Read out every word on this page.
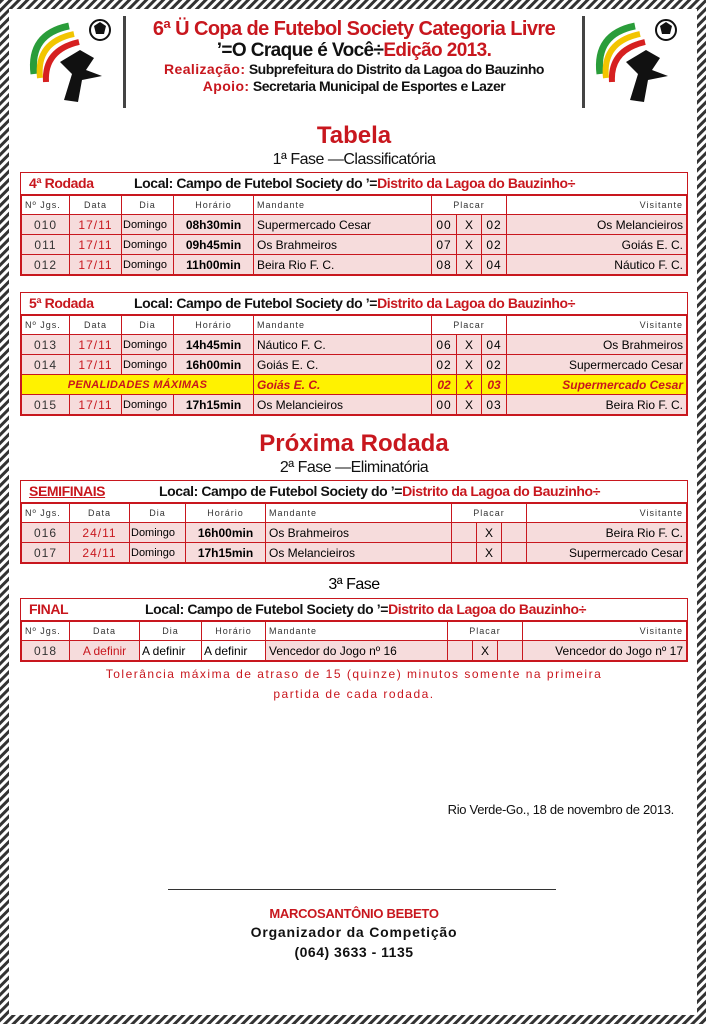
6ª Ü Copa de Futebol Society Categoria Livre
’=O Craque é Você÷Edição 2013.
Realização: Subprefeitura do Distrito da Lagoa do Bauzinho
Apoio: Secretaria Municipal de Esportes e Lazer
Tabela
1ª Fase —Classificatória
4ª Rodada	Local: Campo de Futebol Society do ’=Distrito da Lagoa do Bauzinho÷
Nº Jgs.	Data	Dia	Horário	Mandante	Placar			Visitante
010	17/11	Domingo	08h30min	Supermercado Cesar	00	X	02	Os Melancieiros
011	17/11	Domingo	09h45min	Os Brahmeiros	07	X	02	Goiás E. C.
012	17/11	Domingo	11h00min	Beira Rio F. C.	08	X	04	Náutico F. C.
5ª Rodada	Local: Campo de Futebol Society do ’=Distrito da Lagoa do Bauzinho÷
Nº Jgs.	Data	Dia	Horário	Mandante	Placar			Visitante
013	17/11	Domingo	14h45min	Náutico F. C.	06	X	04	Os Brahmeiros
014	17/11	Domingo	16h00min	Goiás E. C.	02	X	02	Supermercado Cesar
PENALIDADES MÁXIMAS				Goiás E. C.	02	X	03	Supermercado Cesar
015	17/11	Domingo	17h15min	Os Melancieiros	00	X	03	Beira Rio F. C.
Próxima Rodada
2ª Fase —Eliminatória
SEMIFINAIS	Local: Campo de Futebol Society do ’=Distrito da Lagoa do Bauzinho÷
Nº Jgs.	Data	Dia	Horário	Mandante	Placar			Visitante
016	24/11	Domingo	16h00min	Os Brahmeiros		X		Beira Rio F. C.
017	24/11	Domingo	17h15min	Os Melancieiros		X		Supermercado Cesar
3ª Fase
FINAL	Local: Campo de Futebol Society do ’=Distrito da Lagoa do Bauzinho÷
Nº Jgs.	Data	Dia	Horário	Mandante	Placar			Visitante
018	A definir	A definir	A definir	Vencedor do Jogo nº 16		X		Vencedor do Jogo nº 17
Tolerância máxima de atraso de 15 (quinze) minutos somente na primeira
partida de cada rodada.
Rio Verde-Go., 18 de novembro de 2013.
MARCOSANTÔNIO BEBETO
Organizador da Competição
(064) 3633 - 1135
